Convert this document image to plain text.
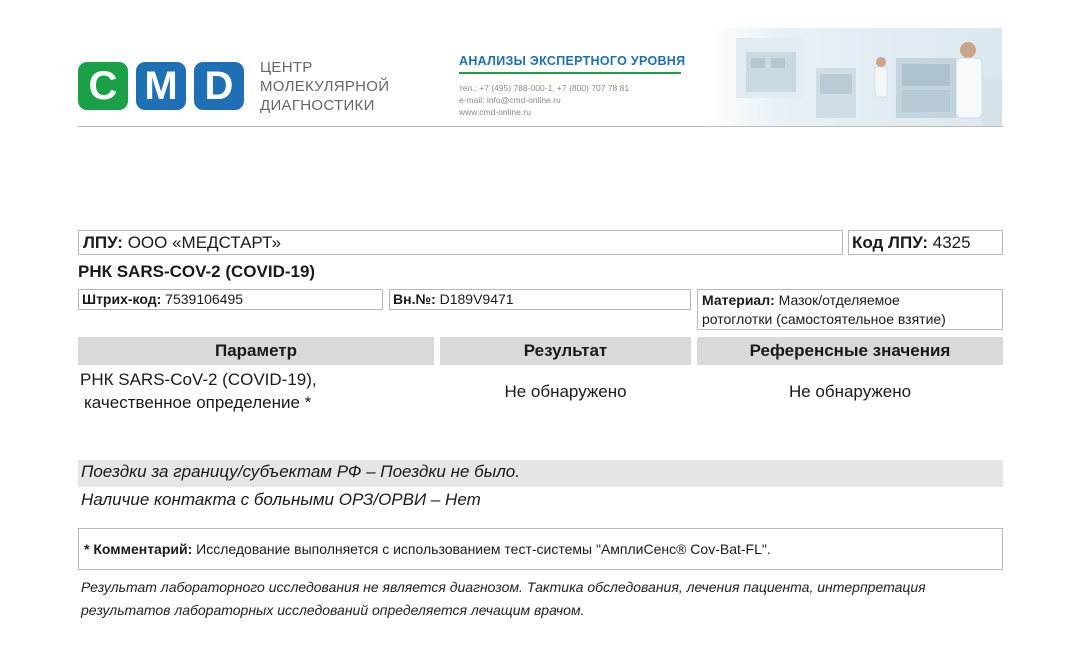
C M D	ЦЕНТР
МОЛЕКУЛЯРНОЙ
ДИАГНОСТИКИ
АНАЛИЗЫ ЭКСПЕРТНОГО УРОВНЯ
тел.: +7 (495) 788-000-1, +7 (800) 707 78 81
e-mail: info@cmd-online.ru
www.cmd-online.ru
ЛПУ: ООО «МЕДСТАРТ»	Код ЛПУ: 4325
РНК SARS-COV-2 (COVID-19)
Штрих-код: 7539106495	Вн.№: D189V9471	Материал: Мазок/отделяемое
ротоглотки (самостоятельное взятие)
Параметр	Результат	Референсные значения
РНК SARS-CoV-2 (COVID-19),
качественное определение *
Не обнаружено	Не обнаружено
Поездки за границу/субъектам РФ – Поездки не было.
Наличие контакта с больными ОРЗ/ОРВИ – Нет
* Комментарий: Исследование выполняется с использованием тест-системы "АмплиСенс® Cov-Bat-FL".
Результат лабораторного исследования не является диагнозом. Тактика обследования, лечения пациента, интерпретация
результатов лабораторных исследований определяется лечащим врачом.
